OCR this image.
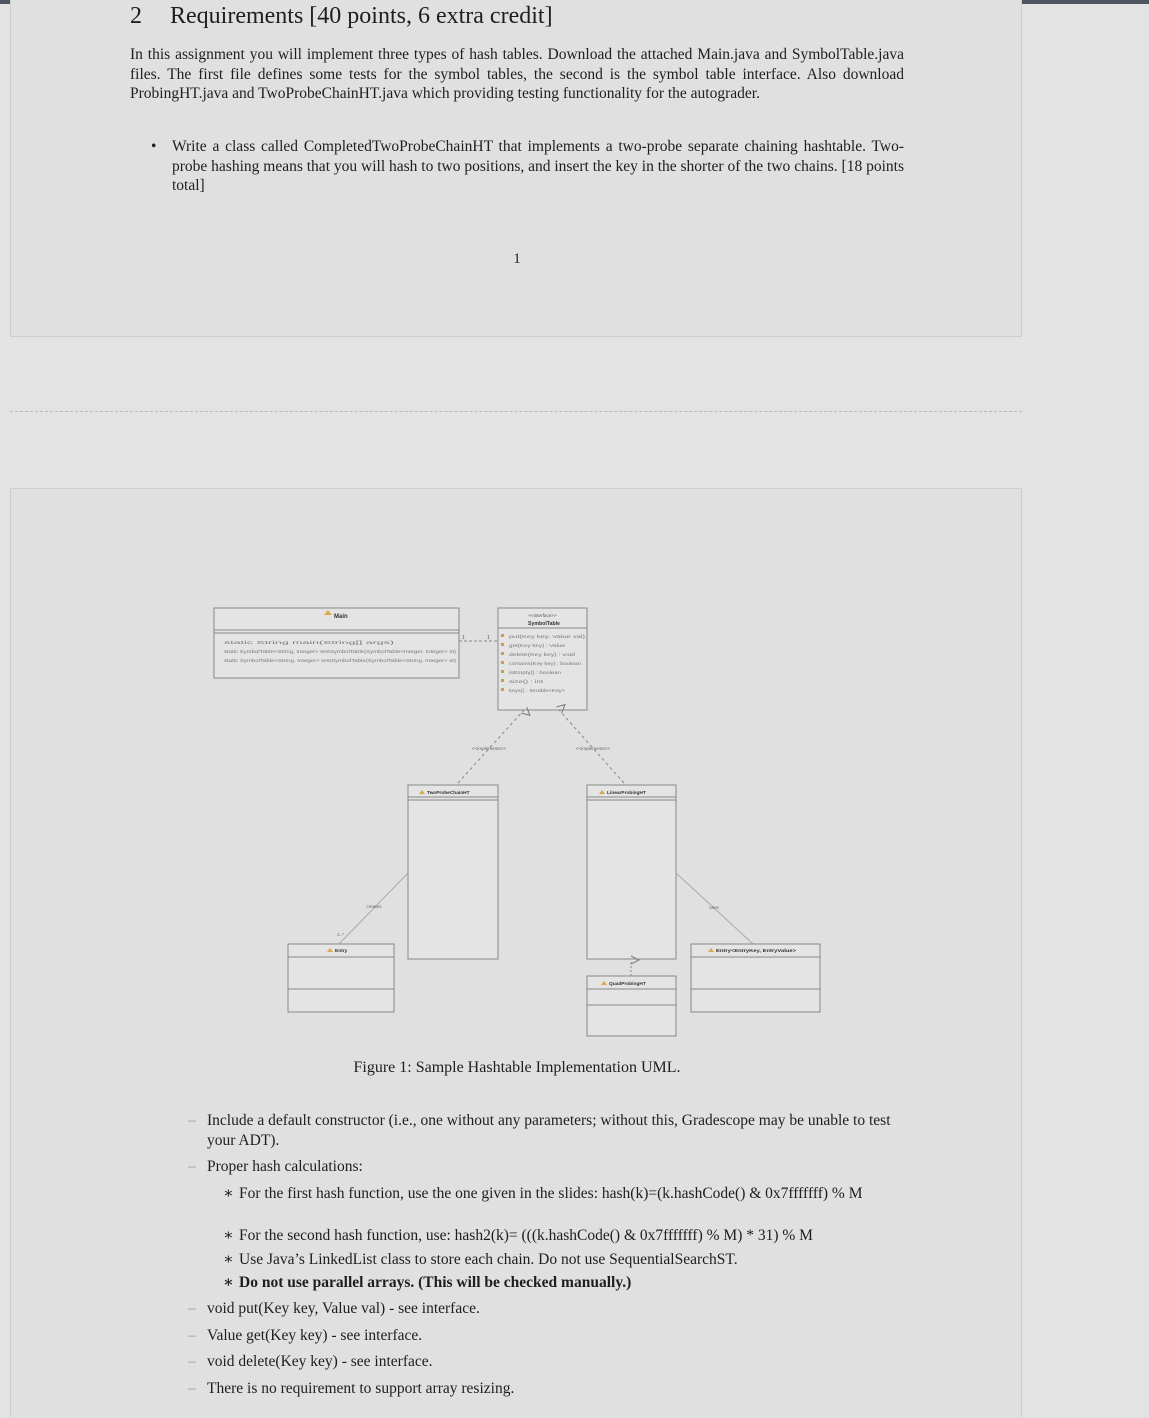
2 Requirements [40 points, 6 extra credit]
In this assignment you will implement three types of hash tables. Download the attached Main.java and SymbolTable.java files. The first file defines some tests for the symbol tables, the second is the symbol table interface. Also download ProbingHT.java and TwoProbeChainHT.java which providing testing functionality for the autograder.
• Write a class called CompletedTwoProbeChainHT that implements a two-probe separate chaining hashtable. Two-probe hashing means that you will hash to two positions, and insert the key in the shorter of the two chains. [18 points total]
1
Main
static String main(String[] args)
static SymbolTable<String, Integer> testSymbolTable(SymbolTable<Integer, Integer> st)
static SymbolTable<String, Integer> testSymbolTable(SymbolTable<String, Integer> st)
1	1
<<interface>>
SymbolTable
put(Key key, Value val)
get(Key key) : Value
delete(Key key) : void
contains(Key key) : boolean
isEmpty() : boolean
size() : int
keys() : Iterable<Key>
<<implements>>	<<implements>>
TwoProbeChainHT	LinearProbingHT
creates
1..*
Entry
uses
Entry<EntryKey, EntryValue>
QuadProbingHT
Figure 1: Sample Hashtable Implementation UML.
– Include a default constructor (i.e., one without any parameters; without this, Gradescope may be unable to test your ADT).
– Proper hash calculations:
∗ For the first hash function, use the one given in the slides: hash(k)=(k.hashCode() & 0x7fffffff) % M
∗ For the second hash function, use: hash2(k)= (((k.hashCode() & 0x7fffffff) % M) * 31) % M
∗ Use Java’s LinkedList class to store each chain. Do not use SequentialSearchST.
∗ Do not use parallel arrays. (This will be checked manually.)
– void put(Key key, Value val) - see interface.
– Value get(Key key) - see interface.
– void delete(Key key) - see interface.
– There is no requirement to support array resizing.
